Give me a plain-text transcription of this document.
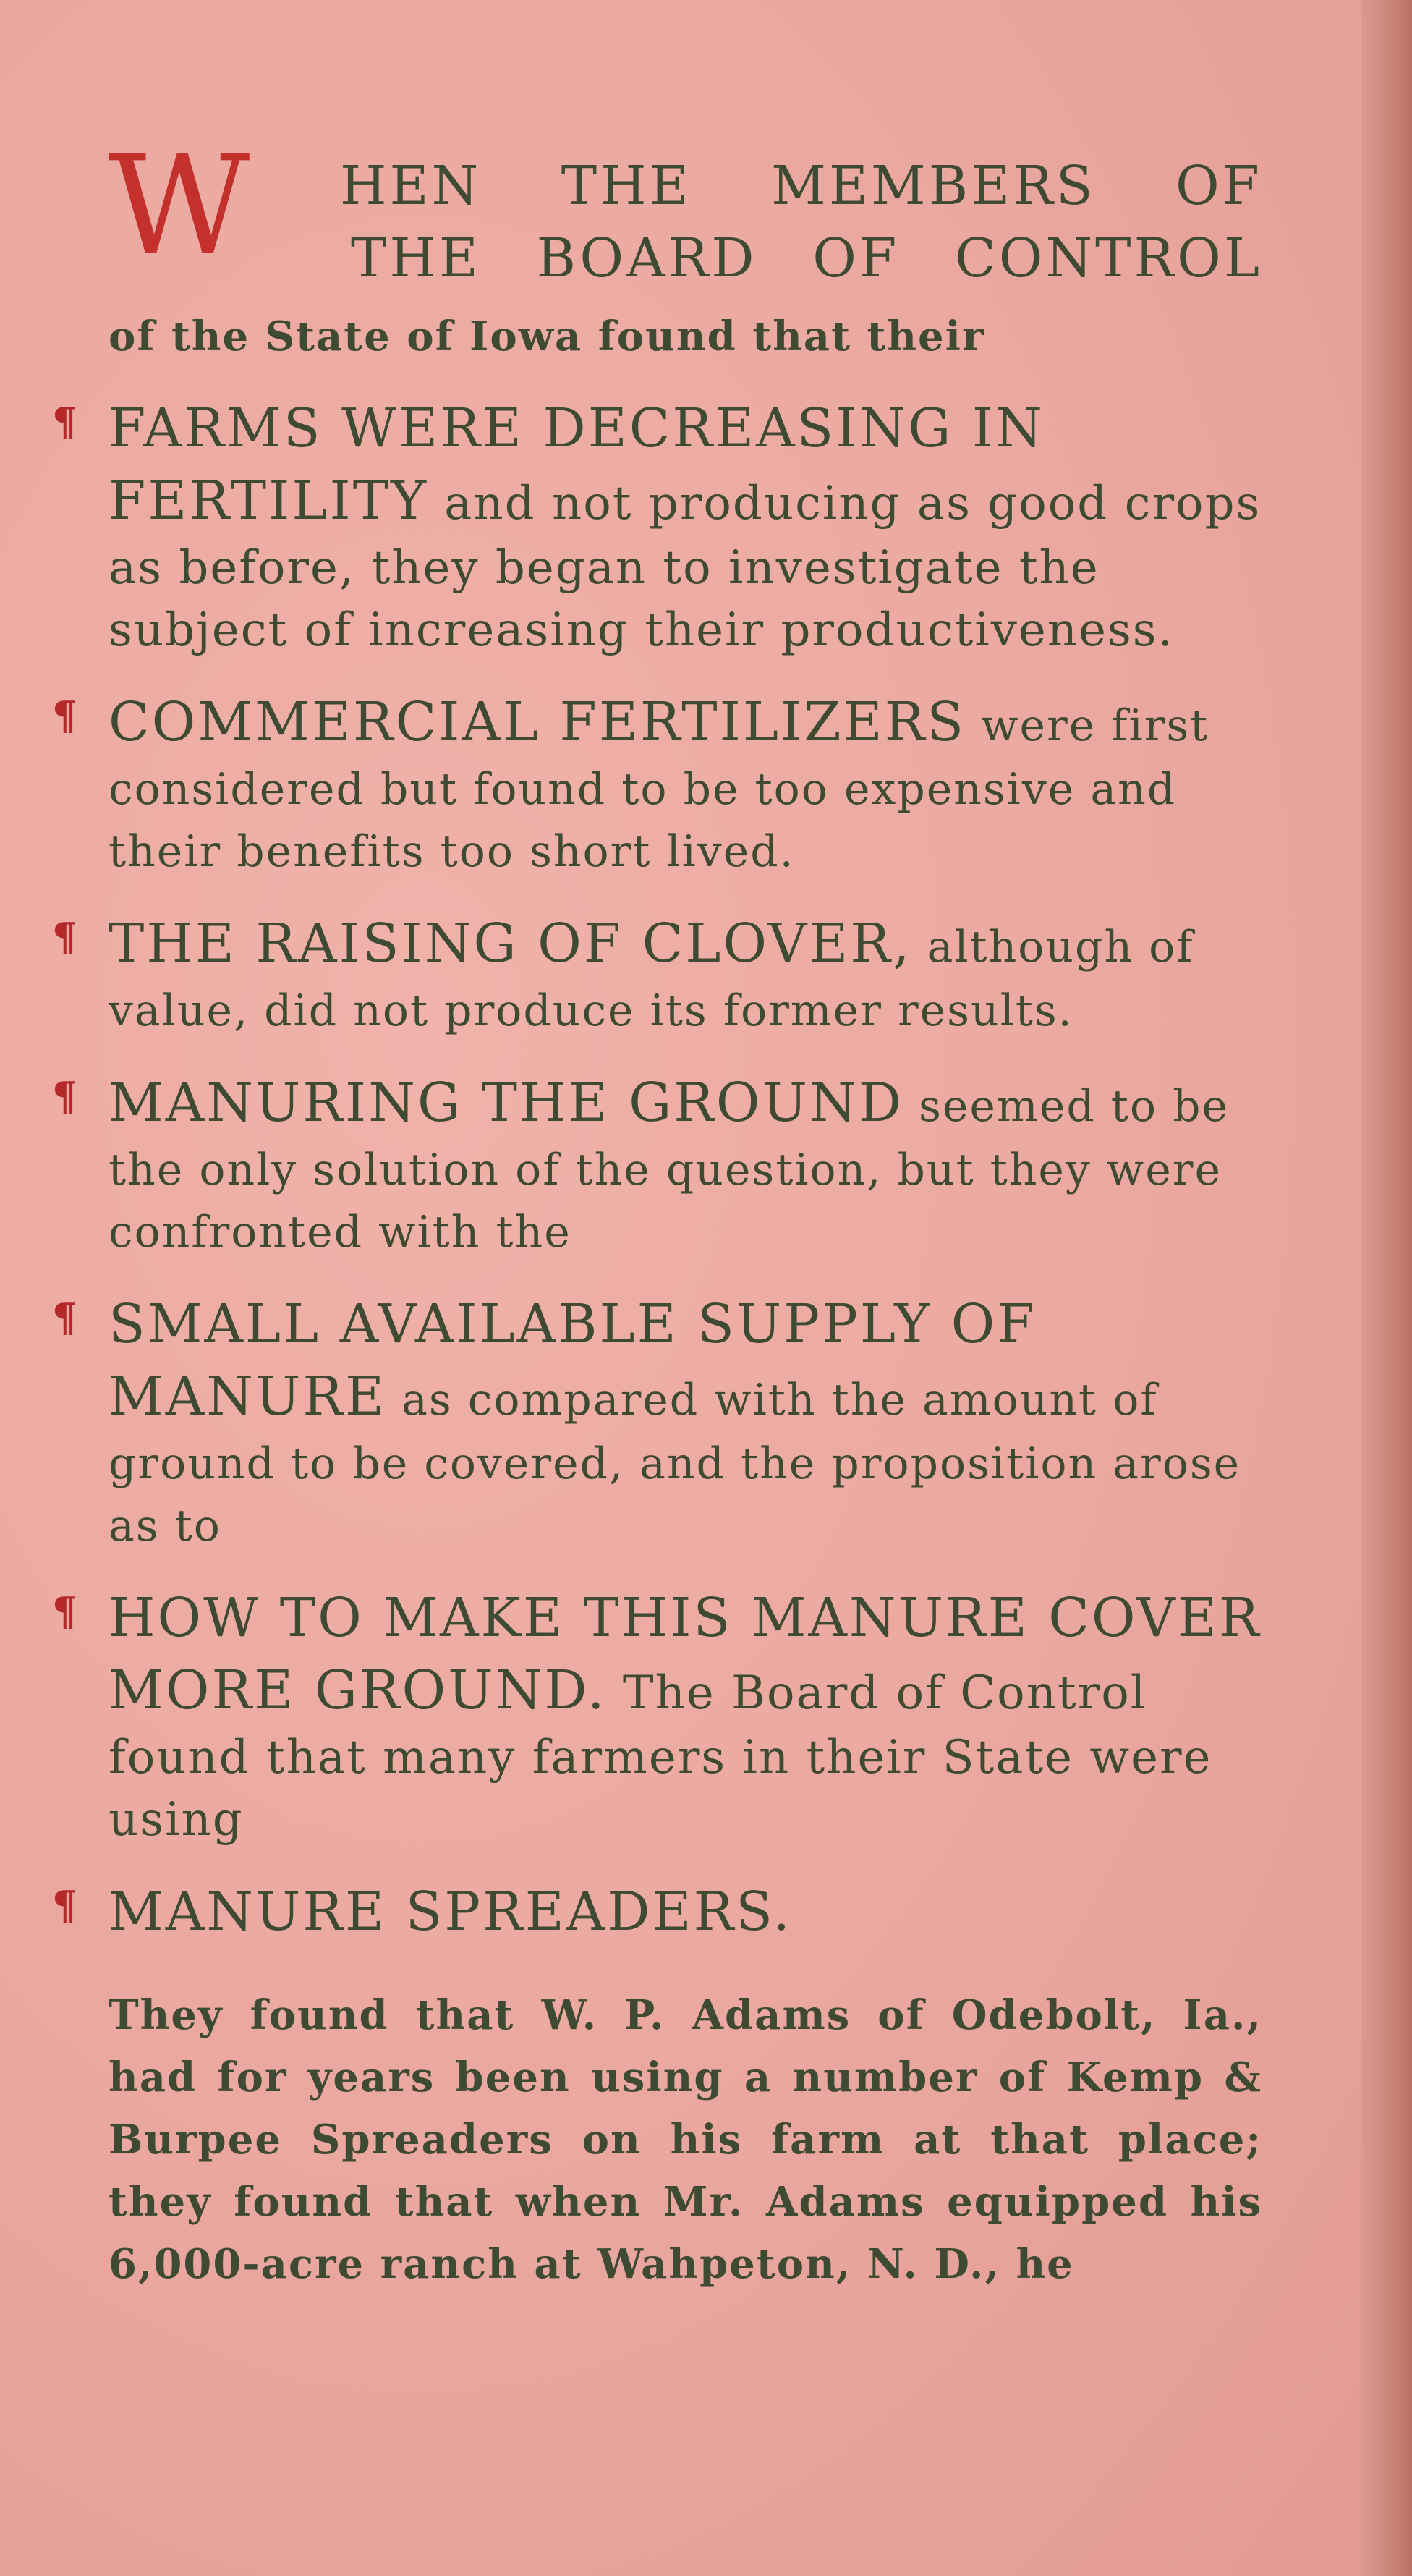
W HEN THE MEMBERS OF
THE BOARD OF CONTROL

of the State of Iowa found that their

¶ FARMS WERE DECREASING IN FERTILITY and not producing as good crops as before, they began to investigate the subject of increasing their productiveness.

¶ COMMERCIAL FERTILIZERS were first considered but found to be too expensive and their benefits too short lived.

¶ THE RAISING OF CLOVER, although of value, did not produce its former results.

¶ MANURING THE GROUND seemed to be the only solution of the question, but they were confronted with the

¶ SMALL AVAILABLE SUPPLY OF MANURE as compared with the amount of ground to be covered, and the proposition arose as to

¶ HOW TO MAKE THIS MANURE COVER MORE GROUND. The Board of Control found that many farmers in their State were using

¶ MANURE SPREADERS.

They found that W. P. Adams of Odebolt, Ia., had for years been using a number of Kemp & Burpee Spreaders on his farm at that place; they found that when Mr. Adams equipped his 6,000-acre ranch at Wahpeton, N. D., he
